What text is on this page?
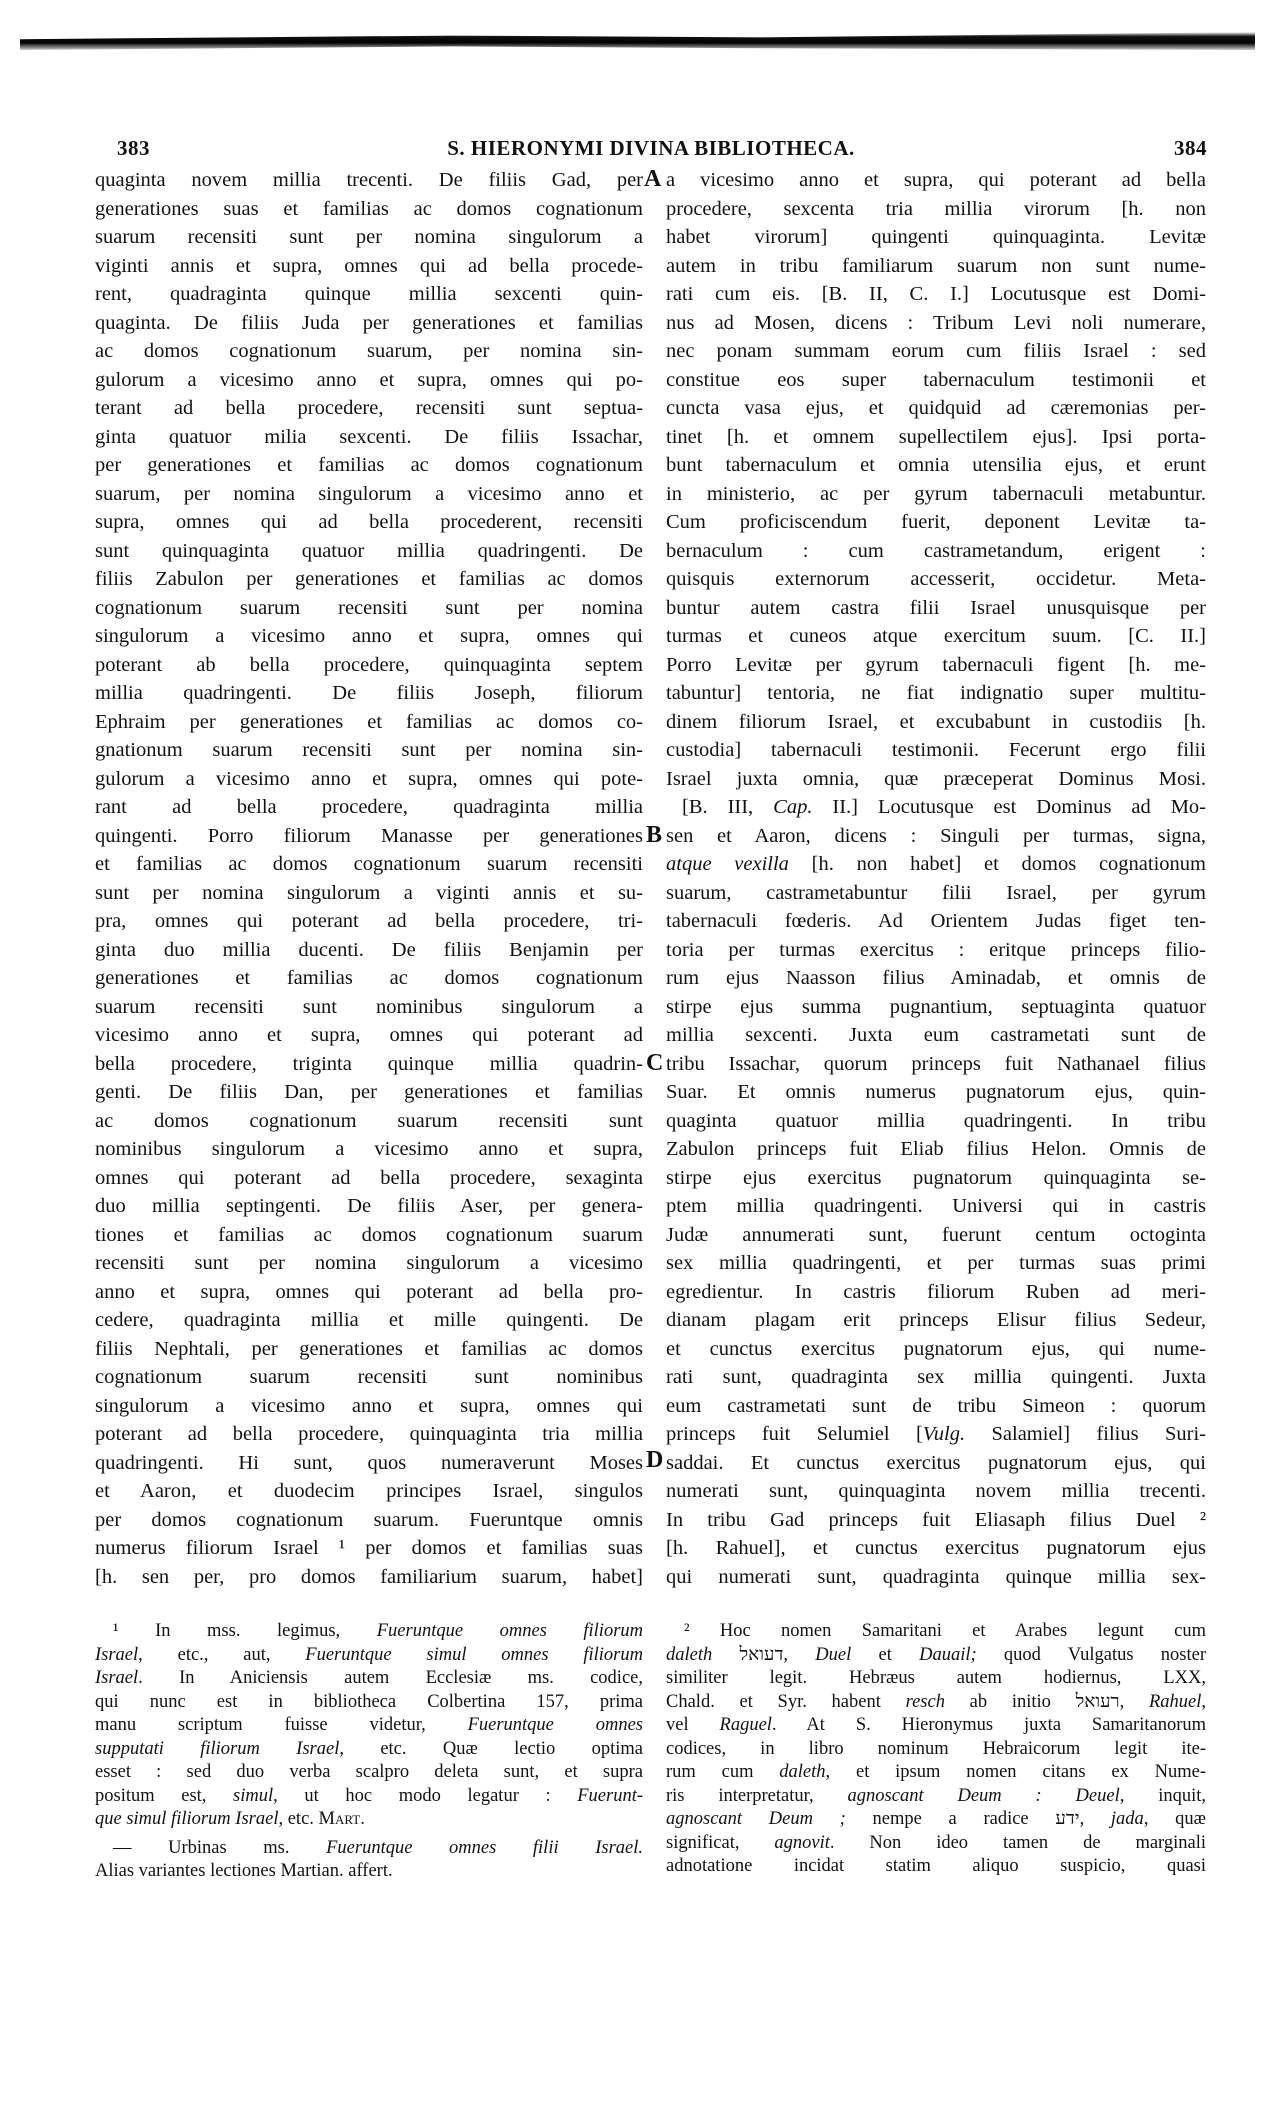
383	S. HIERONYMI DIVINA BIBLIOTHECA.	384
quaginta novem millia trecenti. De filiis Gad, per
generationes suas et familias ac domos cognationum
suarum recensiti sunt per nomina singulorum a
viginti annis et supra, omnes qui ad bella procede-
rent, quadraginta quinque millia sexcenti quin-
quaginta. De filiis Juda per generationes et familias
ac domos cognationum suarum, per nomina sin-
gulorum a vicesimo anno et supra, omnes qui po-
terant ad bella procedere, recensiti sunt septua-
ginta quatuor milia sexcenti. De filiis Issachar,
per generationes et familias ac domos cognationum
suarum, per nomina singulorum a vicesimo anno et
supra, omnes qui ad bella procederent, recensiti
sunt quinquaginta quatuor millia quadringenti. De
filiis Zabulon per generationes et familias ac domos
cognationum suarum recensiti sunt per nomina
singulorum a vicesimo anno et supra, omnes qui
poterant ab bella procedere, quinquaginta septem
millia quadringenti. De filiis Joseph, filiorum
Ephraim per generationes et familias ac domos co-
gnationum suarum recensiti sunt per nomina sin-
gulorum a vicesimo anno et supra, omnes qui pote-
rant ad bella procedere, quadraginta millia
quingenti. Porro filiorum Manasse per generationes
et familias ac domos cognationum suarum recensiti
sunt per nomina singulorum a viginti annis et su-
pra, omnes qui poterant ad bella procedere, tri-
ginta duo millia ducenti. De filiis Benjamin per
generationes et familias ac domos cognationum
suarum recensiti sunt nominibus singulorum a
vicesimo anno et supra, omnes qui poterant ad
bella procedere, triginta quinque millia quadrin-
genti. De filiis Dan, per generationes et familias
ac domos cognationum suarum recensiti sunt
nominibus singulorum a vicesimo anno et supra,
omnes qui poterant ad bella procedere, sexaginta
duo millia septingenti. De filiis Aser, per genera-
tiones et familias ac domos cognationum suarum
recensiti sunt per nomina singulorum a vicesimo
anno et supra, omnes qui poterant ad bella pro-
cedere, quadraginta millia et mille quingenti. De
filiis Nephtali, per generationes et familias ac domos
cognationum suarum recensiti sunt nominibus
singulorum a vicesimo anno et supra, omnes qui
poterant ad bella procedere, quinquaginta tria millia
quadringenti. Hi sunt, quos numeraverunt Moses
et Aaron, et duodecim principes Israel, singulos
per domos cognationum suarum. Fueruntque omnis
numerus filiorum Israel ¹ per domos et familias suas
[h. sen per, pro domos familiarium suarum, habet]
a vicesimo anno et supra, qui poterant ad bella
procedere, sexcenta tria millia virorum [h. non
habet virorum] quingenti quinquaginta. Levitæ
autem in tribu familiarum suarum non sunt nume-
rati cum eis. [B. II, C. I.] Locutusque est Domi-
nus ad Mosen, dicens : Tribum Levi noli numerare,
nec ponam summam eorum cum filiis Israel : sed
constitue eos super tabernaculum testimonii et
cuncta vasa ejus, et quidquid ad cæremonias per-
tinet [h. et omnem supellectilem ejus]. Ipsi porta-
bunt tabernaculum et omnia utensilia ejus, et erunt
in ministerio, ac per gyrum tabernaculi metabuntur.
Cum proficiscendum fuerit, deponent Levitæ ta-
bernaculum : cum castrametandum, erigent :
quisquis externorum accesserit, occidetur. Meta-
buntur autem castra filii Israel unusquisque per
turmas et cuneos atque exercitum suum. [C. II.]
Porro Levitæ per gyrum tabernaculi figent [h. me-
tabuntur] tentoria, ne fiat indignatio super multitu-
dinem filiorum Israel, et excubabunt in custodiis [h.
custodia] tabernaculi testimonii. Fecerunt ergo filii
Israel juxta omnia, quæ præceperat Dominus Mosi.
[B. III, Cap. II.] Locutusque est Dominus ad Mo-
sen et Aaron, dicens : Singuli per turmas, signa,
atque vexilla [h. non habet] et domos cognationum
suarum, castrametabuntur filii Israel, per gyrum
tabernaculi fœderis. Ad Orientem Judas figet ten-
toria per turmas exercitus : eritque princeps filio-
rum ejus Naasson filius Aminadab, et omnis de
stirpe ejus summa pugnantium, septuaginta quatuor
millia sexcenti. Juxta eum castrametati sunt de
tribu Issachar, quorum princeps fuit Nathanael filius
Suar. Et omnis numerus pugnatorum ejus, quin-
quaginta quatuor millia quadringenti. In tribu
Zabulon princeps fuit Eliab filius Helon. Omnis de
stirpe ejus exercitus pugnatorum quinquaginta se-
ptem millia quadringenti. Universi qui in castris
Judæ annumerati sunt, fuerunt centum octoginta
sex millia quadringenti, et per turmas suas primi
egredientur. In castris filiorum Ruben ad meri-
dianam plagam erit princeps Elisur filius Sedeur,
et cunctus exercitus pugnatorum ejus, qui nume-
rati sunt, quadraginta sex millia quingenti. Juxta
eum castrametati sunt de tribu Simeon : quorum
princeps fuit Selumiel [Vulg. Salamiel] filius Suri-
saddai. Et cunctus exercitus pugnatorum ejus, qui
numerati sunt, quinquaginta novem millia trecenti.
In tribu Gad princeps fuit Eliasaph filius Duel ²
[h. Rahuel], et cunctus exercitus pugnatorum ejus
qui numerati sunt, quadraginta quinque millia sex-
A
B
C
D
¹ In mss. legimus, Fueruntque omnes filiorum
Israel, etc., aut, Fueruntque simul omnes filiorum
Israel. In Aniciensis autem Ecclesiæ ms. codice,
qui nunc est in bibliotheca Colbertina 157, prima
manu scriptum fuisse videtur, Fueruntque omnes
supputati filiorum Israel, etc. Quæ lectio optima
esset : sed duo verba scalpro deleta sunt, et supra
positum est, simul, ut hoc modo legatur : Fuerunt-
que simul filiorum Israel, etc. Mart.
— Urbinas ms. Fueruntque omnes filii Israel.
Alias variantes lectiones Martian. affert.
² Hoc nomen Samaritani et Arabes legunt cum
daleth דעואל, Duel et Dauail; quod Vulgatus noster
similiter legit. Hebræus autem hodiernus, LXX,
Chald. et Syr. habent resch ab initio רעואל, Rahuel,
vel Raguel. At S. Hieronymus juxta Samaritanorum
codices, in libro nominum Hebraicorum legit ite-
rum cum daleth, et ipsum nomen citans ex Nume-
ris interpretatur, agnoscant Deum : Deuel, inquit,
agnoscant Deum ; nempe a radice ידע, jada, quæ
significat, agnovit. Non ideo tamen de marginali
adnotatione incidat statim aliquo suspicio, quasi
